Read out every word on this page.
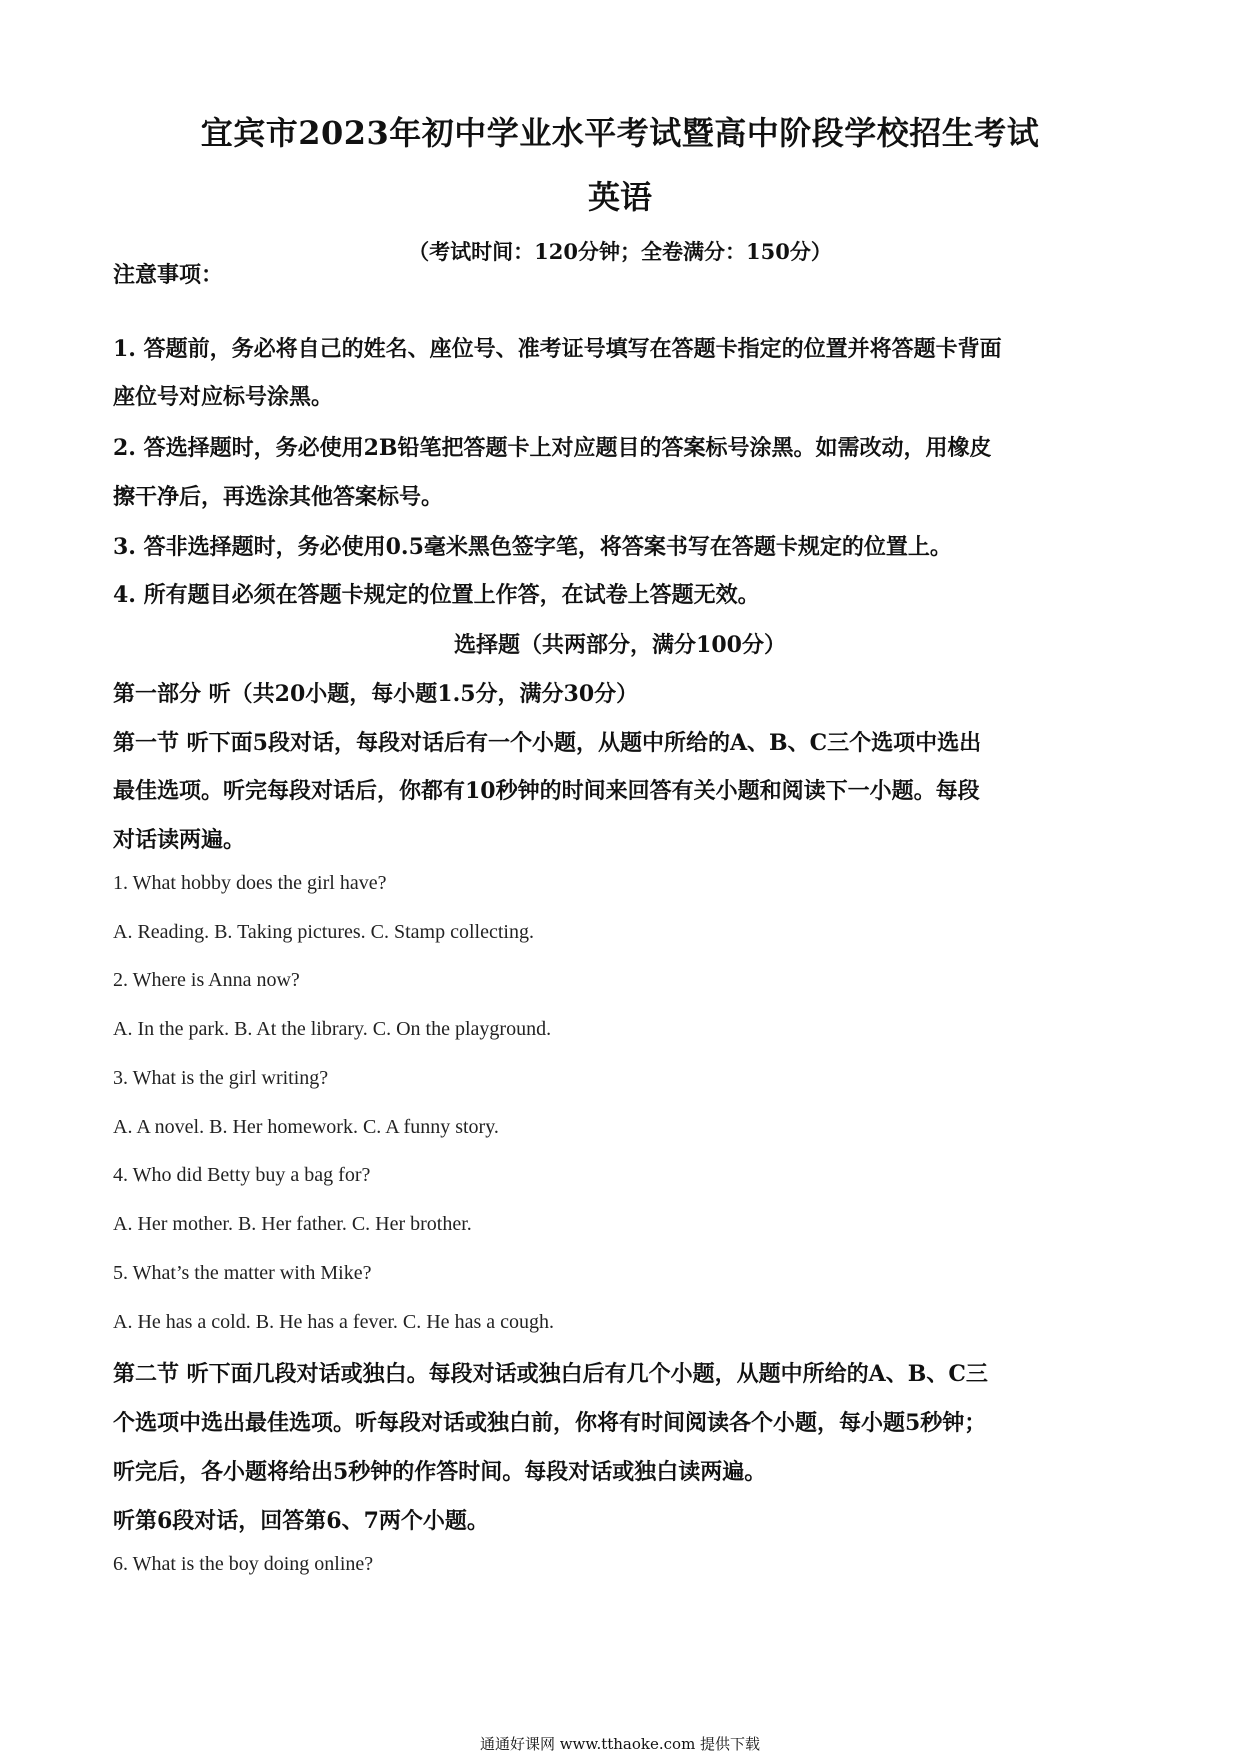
宜宾市2023年初中学业水平考试暨高中阶段学校招生考试
英语
（考试时间：120分钟；全卷满分：150分）
注意事项：
1. 答题前，务必将自己的姓名、座位号、准考证号填写在答题卡指定的位置并将答题卡背面
座位号对应标号涂黑。
2. 答选择题时，务必使用2B铅笔把答题卡上对应题目的答案标号涂黑。如需改动，用橡皮
擦干净后，再选涂其他答案标号。
3. 答非选择题时，务必使用0.5毫米黑色签字笔，将答案书写在答题卡规定的位置上。
4. 所有题目必须在答题卡规定的位置上作答，在试卷上答题无效。
选择题（共两部分，满分100分）
第一部分 听（共20小题，每小题1.5分，满分30分）
第一节 听下面5段对话，每段对话后有一个小题，从题中所给的A、B、C三个选项中选出
最佳选项。听完每段对话后，你都有10秒钟的时间来回答有关小题和阅读下一小题。每段
对话读两遍。
1. What hobby does the girl have?
A. Reading. B. Taking pictures. C. Stamp collecting.
2. Where is Anna now?
A. In the park. B. At the library. C. On the playground.
3. What is the girl writing?
A. A novel. B. Her homework. C. A funny story.
4. Who did Betty buy a bag for?
A. Her mother. B. Her father. C. Her brother.
5. What’s the matter with Mike?
A. He has a cold. B. He has a fever. C. He has a cough.
第二节 听下面几段对话或独白。每段对话或独白后有几个小题，从题中所给的A、B、C三
个选项中选出最佳选项。听每段对话或独白前，你将有时间阅读各个小题，每小题5秒钟；
听完后，各小题将给出5秒钟的作答时间。每段对话或独白读两遍。
听第6段对话，回答第6、7两个小题。
6. What is the boy doing online?
通通好课网 www.tthaoke.com 提供下载
